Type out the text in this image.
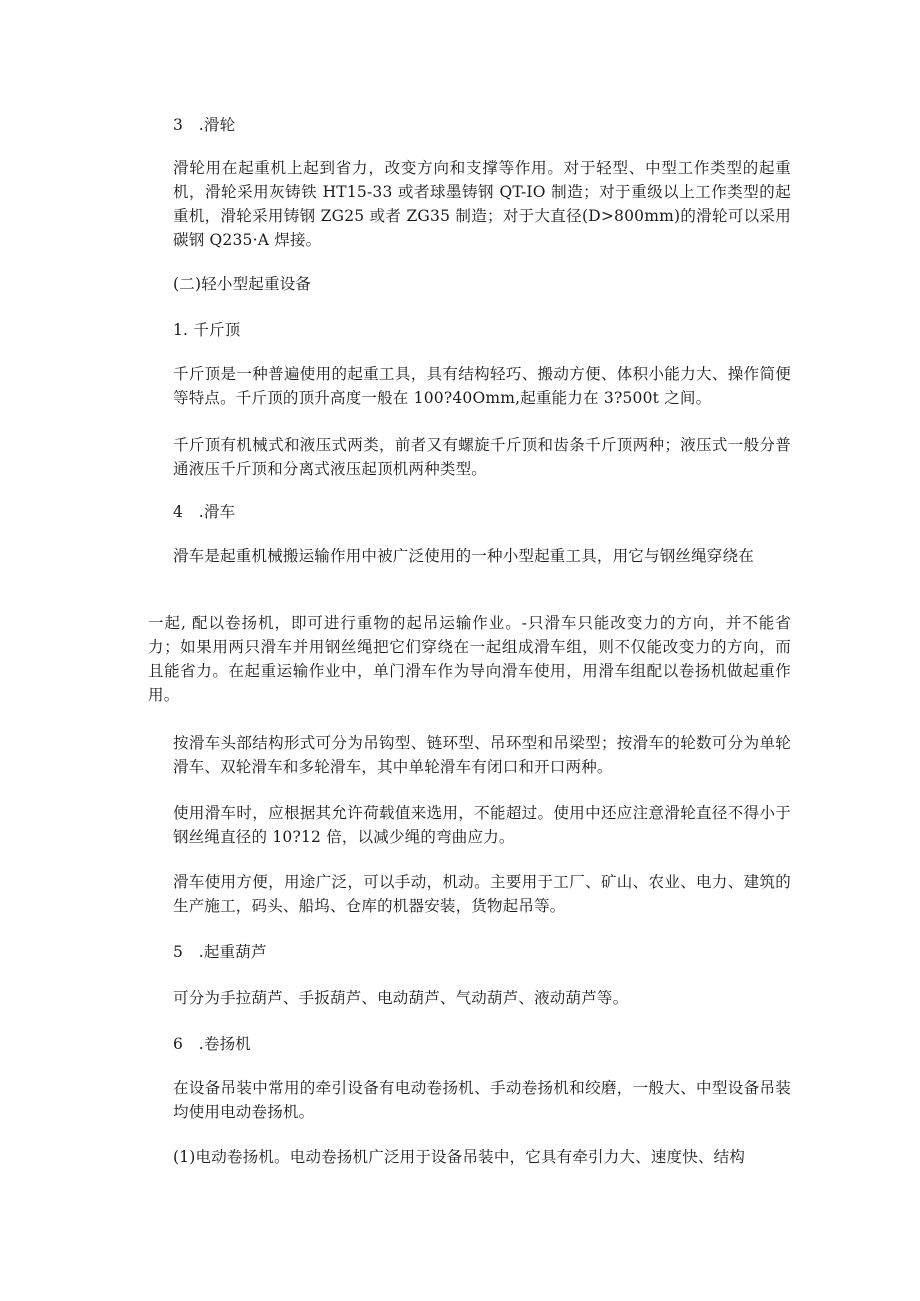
3　.滑轮
滑轮用在起重机上起到省力，改变方向和支撑等作用。对于轻型、中型工作类型的起重机，滑轮采用灰铸铁 HT15-33 或者球墨铸钢 QT-IO 制造；对于重级以上工作类型的起重机，滑轮采用铸钢 ZG25 或者 ZG35 制造；对于大直径(D>800mm)的滑轮可以采用碳钢 Q235·A 焊接。
(二)轻小型起重设备
1. 千斤顶
千斤顶是一种普遍使用的起重工具，具有结构轻巧、搬动方便、体积小能力大、操作简便等特点。千斤顶的顶升高度一般在 100?40Omm,起重能力在 3?500t 之间。
千斤顶有机械式和液压式两类，前者又有螺旋千斤顶和齿条千斤顶两种；液压式一般分普通液压千斤顶和分离式液压起顶机两种类型。
4　.滑车
滑车是起重机械搬运输作用中被广泛使用的一种小型起重工具，用它与钢丝绳穿绕在
一起, 配以卷扬机，即可进行重物的起吊运输作业。-只滑车只能改变力的方向，并不能省力；如果用两只滑车并用钢丝绳把它们穿绕在一起组成滑车组，则不仅能改变力的方向，而且能省力。在起重运输作业中，单门滑车作为导向滑车使用，用滑车组配以卷扬机做起重作用。
按滑车头部结构形式可分为吊钩型、链环型、吊环型和吊梁型；按滑车的轮数可分为单轮滑车、双轮滑车和多轮滑车，其中单轮滑车有闭口和开口两种。
使用滑车时，应根据其允许荷载值来选用，不能超过。使用中还应注意滑轮直径不得小于钢丝绳直径的 10?12 倍，以减少绳的弯曲应力。
滑车使用方便，用途广泛，可以手动，机动。主要用于工厂、矿山、农业、电力、建筑的生产施工，码头、船坞、仓库的机器安装，货物起吊等。
5　.起重葫芦
可分为手拉葫芦、手扳葫芦、电动葫芦、气动葫芦、液动葫芦等。
6　.卷扬机
在设备吊装中常用的牵引设备有电动卷扬机、手动卷扬机和绞磨，一般大、中型设备吊装均使用电动卷扬机。
(1)电动卷扬机。电动卷扬机广泛用于设备吊装中，它具有牵引力大、速度快、结构
